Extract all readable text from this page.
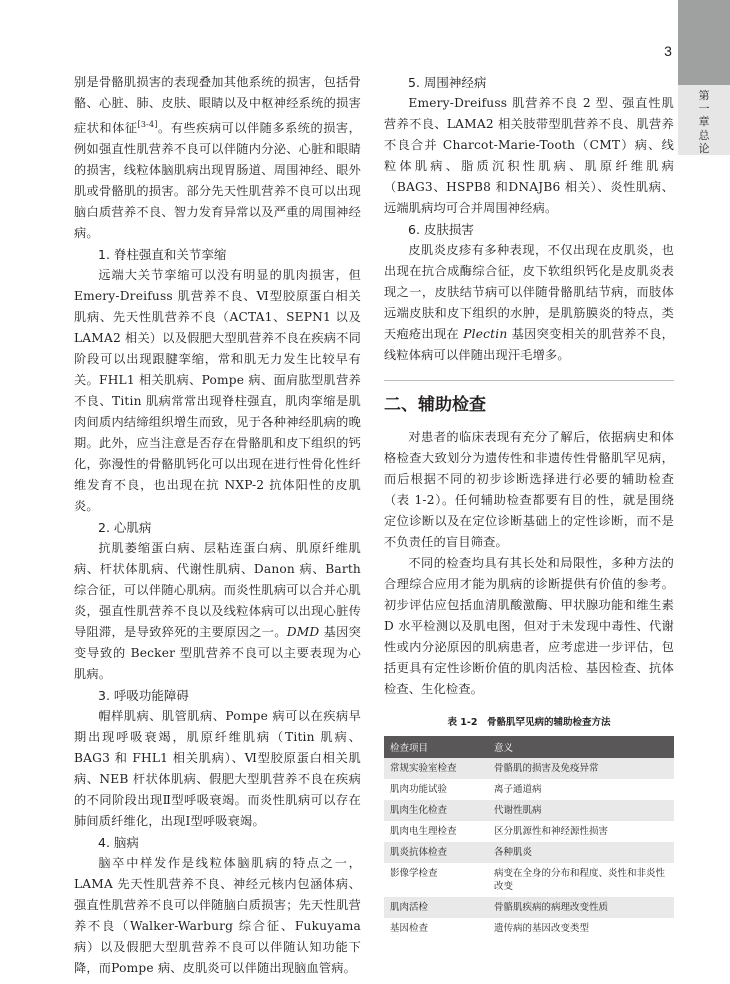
3
第
一
章
总
论

别是骨骼肌损害的表现叠加其他系统的损害，包括骨骼、心脏、肺、皮肤、眼睛以及中枢神经系统的损害症状和体征[3-4]。有些疾病可以伴随多系统的损害，例如强直性肌营养不良可以伴随内分泌、心脏和眼睛的损害，线粒体脑肌病出现胃肠道、周围神经、眼外肌或骨骼肌的损害。部分先天性肌营养不良可以出现脑白质营养不良、智力发育异常以及严重的周围神经病。

1. 脊柱强直和关节挛缩

远端大关节挛缩可以没有明显的肌肉损害，但Emery-Dreifuss 肌营养不良、Ⅵ型胶原蛋白相关肌病、先天性肌营养不良（ACTA1、SEPN1 以及LAMA2 相关）以及假肥大型肌营养不良在疾病不同阶段可以出现跟腱挛缩，常和肌无力发生比较早有关。FHL1 相关肌病、Pompe 病、面肩肱型肌营养不良、Titin 肌病常常出现脊柱强直，肌肉挛缩是肌肉间质内结缔组织增生而致，见于各种神经肌病的晚期。此外，应当注意是否存在骨骼肌和皮下组织的钙化，弥漫性的骨骼肌钙化可以出现在进行性骨化性纤维发育不良，也出现在抗 NXP-2 抗体阳性的皮肌炎。

2. 心肌病

抗肌萎缩蛋白病、层粘连蛋白病、肌原纤维肌病、杆状体肌病、代谢性肌病、Danon 病、Barth 综合征，可以伴随心肌病。而炎性肌病可以合并心肌炎，强直性肌营养不良以及线粒体病可以出现心脏传导阻滞，是导致猝死的主要原因之一。DMD 基因突变导致的 Becker 型肌营养不良可以主要表现为心肌病。

3. 呼吸功能障碍

帽样肌病、肌管肌病、Pompe 病可以在疾病早期出现呼吸衰竭，肌原纤维肌病（Titin 肌病、BAG3 和 FHL1 相关肌病）、Ⅵ型胶原蛋白相关肌病、NEB 杆状体肌病、假肥大型肌营养不良在疾病的不同阶段出现Ⅱ型呼吸衰竭。而炎性肌病可以存在肺间质纤维化，出现Ⅰ型呼吸衰竭。

4. 脑病

脑卒中样发作是线粒体脑肌病的特点之一，LAMA 先天性肌营养不良、神经元核内包涵体病、强直性肌营养不良可以伴随脑白质损害；先天性肌营养不良（Walker-Warburg 综合征、Fukuyama 病）以及假肥大型肌营养不良可以伴随认知功能下降，而Pompe 病、皮肌炎可以伴随出现脑血管病。

5. 周围神经病

Emery-Dreifuss 肌营养不良 2 型、强直性肌营养不良、LAMA2 相关肢带型肌营养不良、肌营养不良合并 Charcot-Marie-Tooth（CMT）病、线粒体肌病、脂质沉积性肌病、肌原纤维肌病（BAG3、HSPB8 和DNAJB6 相关）、炎性肌病、远端肌病均可合并周围神经病。

6. 皮肤损害

皮肌炎皮疹有多种表现，不仅出现在皮肌炎，也出现在抗合成酶综合征，皮下软组织钙化是皮肌炎表现之一，皮肤结节病可以伴随骨骼肌结节病，而肢体远端皮肤和皮下组织的水肿，是肌筋膜炎的特点，类天疱疮出现在 Plectin 基因突变相关的肌营养不良，线粒体病可以伴随出现汗毛增多。

二、辅助检查

对患者的临床表现有充分了解后，依据病史和体格检查大致划分为遗传性和非遗传性骨骼肌罕见病，而后根据不同的初步诊断选择进行必要的辅助检查（表 1-2）。任何辅助检查都要有目的性，就是围绕定位诊断以及在定位诊断基础上的定性诊断，而不是不负责任的盲目筛查。

不同的检查均具有其长处和局限性，多种方法的合理综合应用才能为肌病的诊断提供有价值的参考。初步评估应包括血清肌酸激酶、甲状腺功能和维生素 D 水平检测以及肌电图，但对于未发现中毒性、代谢性或内分泌原因的肌病患者，应考虑进一步评估，包括更具有定性诊断价值的肌肉活检、基因检查、抗体检查、生化检查。

表 1-2　骨骼肌罕见病的辅助检查方法
检查项目	意义
常规实验室检查	骨骼肌的损害及免疫异常
肌肉功能试验	离子通道病
肌肉生化检查	代谢性肌病
肌肉电生理检查	区分肌源性和神经源性损害
肌炎抗体检查	各种肌炎
影像学检查	病变在全身的分布和程度、炎性和非炎性改变
肌肉活检	骨骼肌疾病的病理改变性质
基因检查	遗传病的基因改变类型
